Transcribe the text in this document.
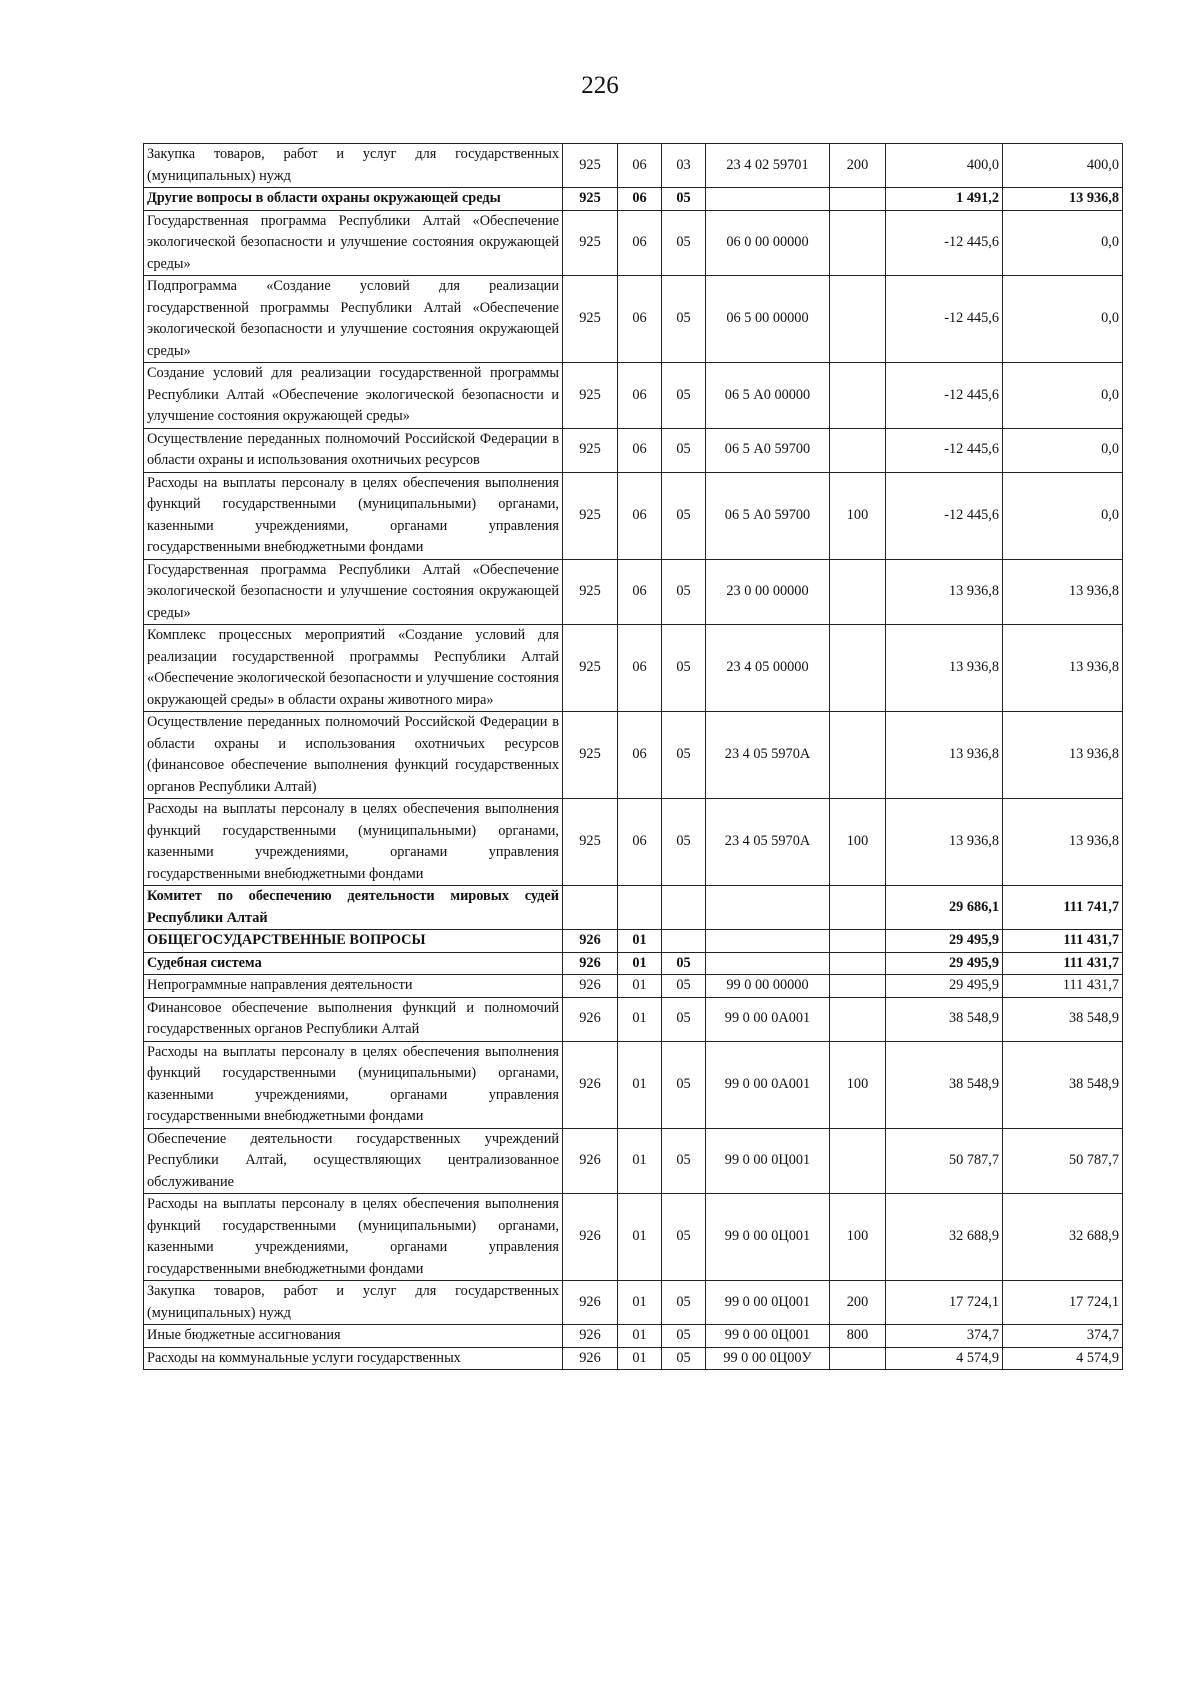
226
Закупка товаров, работ и услуг для государственных (муниципальных) нужд	925	06	03	23 4 02 59701	200	400,0	400,0
Другие вопросы в области охраны окружающей среды	925	06	05			1 491,2	13 936,8
Государственная программа Республики Алтай «Обеспечение экологической безопасности и улучшение состояния окружающей среды»	925	06	05	06 0 00 00000		-12 445,6	0,0
Подпрограмма «Создание условий для реализации государственной программы Республики Алтай «Обеспечение экологической безопасности и улучшение состояния окружающей среды»	925	06	05	06 5 00 00000		-12 445,6	0,0
Создание условий для реализации государственной программы Республики Алтай «Обеспечение экологической безопасности и улучшение состояния окружающей среды»	925	06	05	06 5 А0 00000		-12 445,6	0,0
Осуществление переданных полномочий Российской Федерации в области охраны и использования охотничьих ресурсов	925	06	05	06 5 А0 59700		-12 445,6	0,0
Расходы на выплаты персоналу в целях обеспечения выполнения функций государственными (муниципальными) органами, казенными учреждениями, органами управления государственными внебюджетными фондами	925	06	05	06 5 А0 59700	100	-12 445,6	0,0
Государственная программа Республики Алтай «Обеспечение экологической безопасности и улучшение состояния окружающей среды»	925	06	05	23 0 00 00000		13 936,8	13 936,8
Комплекс процессных мероприятий «Создание условий для реализации государственной программы Республики Алтай «Обеспечение экологической безопасности и улучшение состояния окружающей среды» в области охраны животного мира»	925	06	05	23 4 05 00000		13 936,8	13 936,8
Осуществление переданных полномочий Российской Федерации в области охраны и использования охотничьих ресурсов (финансовое обеспечение выполнения функций государственных органов Республики Алтай)	925	06	05	23 4 05 5970А		13 936,8	13 936,8
Расходы на выплаты персоналу в целях обеспечения выполнения функций государственными (муниципальными) органами, казенными учреждениями, органами управления государственными внебюджетными фондами	925	06	05	23 4 05 5970А	100	13 936,8	13 936,8
Комитет по обеспечению деятельности мировых судей Республики Алтай						29 686,1	111 741,7
ОБЩЕГОСУДАРСТВЕННЫЕ ВОПРОСЫ	926	01				29 495,9	111 431,7
Судебная система	926	01	05			29 495,9	111 431,7
Непрограммные направления деятельности	926	01	05	99 0 00 00000		29 495,9	111 431,7
Финансовое обеспечение выполнения функций и полномочий государственных органов Республики Алтай	926	01	05	99 0 00 0А001		38 548,9	38 548,9
Расходы на выплаты персоналу в целях обеспечения выполнения функций государственными (муниципальными) органами, казенными учреждениями, органами управления государственными внебюджетными фондами	926	01	05	99 0 00 0А001	100	38 548,9	38 548,9
Обеспечение деятельности государственных учреждений Республики Алтай, осуществляющих централизованное обслуживание	926	01	05	99 0 00 0Ц001		50 787,7	50 787,7
Расходы на выплаты персоналу в целях обеспечения выполнения функций государственными (муниципальными) органами, казенными учреждениями, органами управления государственными внебюджетными фондами	926	01	05	99 0 00 0Ц001	100	32 688,9	32 688,9
Закупка товаров, работ и услуг для государственных (муниципальных) нужд	926	01	05	99 0 00 0Ц001	200	17 724,1	17 724,1
Иные бюджетные ассигнования	926	01	05	99 0 00 0Ц001	800	374,7	374,7
Расходы на коммунальные услуги государственных	926	01	05	99 0 00 0Ц00У		4 574,9	4 574,9
